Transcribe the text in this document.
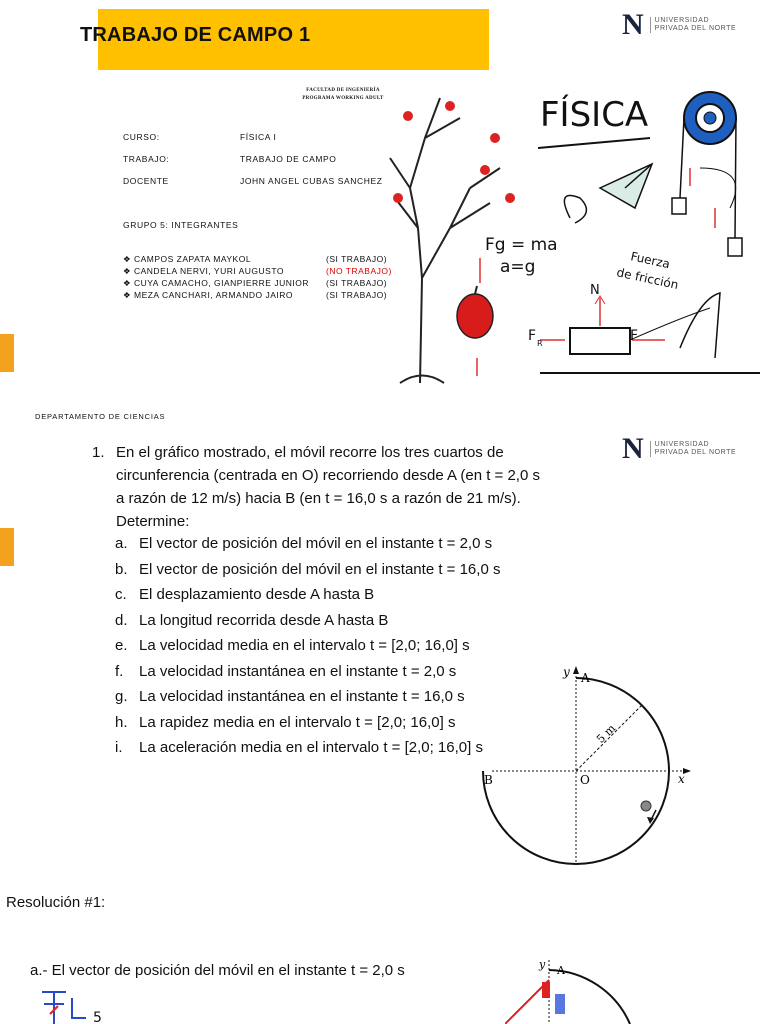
TRABAJO DE CAMPO 1	N	UNIVERSIDAD
PRIVADA DEL NORTE
FACULTAD DE INGENIERÍA
PROGRAMA WORKING ADULT
CURSO:	FÍSICA I
TRABAJO:	TRABAJO DE CAMPO
DOCENTE	JOHN ANGEL CUBAS SANCHEZ
GRUPO 5: INTEGRANTES
❖ CAMPOS ZAPATA MAYKOL	(SI TRABAJO)
❖ CANDELA NERVI, YURI AUGUSTO	(NO TRABAJO)
❖ CUYA CAMACHO, GIANPIERRE JUNIOR (SI TRABAJO)
❖ MEZA CANCHARI, ARMANDO JAIRO	(SI TRABAJO)
FÍSICA
Fg = ma
a=g	Fuerza
de fricción
N
F R	F
DEPARTAMENTO DE CIENCIAS
N	UNIVERSIDAD
PRIVADA DEL NORTE
1. En el gráfico mostrado, el móvil recorre los tres cuartos de circunferencia (centrada en O) recorriendo desde A (en t = 2,0 s a razón de 12 m/s) hacia B (en t = 16,0 s a razón de 21 m/s). Determine:
a. El vector de posición del móvil en el instante t = 2,0 s
b. El vector de posición del móvil en el instante t = 16,0 s
c. El desplazamiento desde A hasta B
d. La longitud recorrida desde A hasta B
e. La velocidad media en el intervalo t = [2,0; 16,0] s
f. La velocidad instantánea en el instante t = 2,0 s
g. La velocidad instantánea en el instante t = 16,0 s
h. La rapidez media en el intervalo t = [2,0; 16,0] s
i. La aceleración media en el intervalo t = [2,0; 16,0] s
y A
B	O	x
5 m
Resolución #1:
a.- El vector de posición del móvil en el instante t = 2,0 s
5
y A
